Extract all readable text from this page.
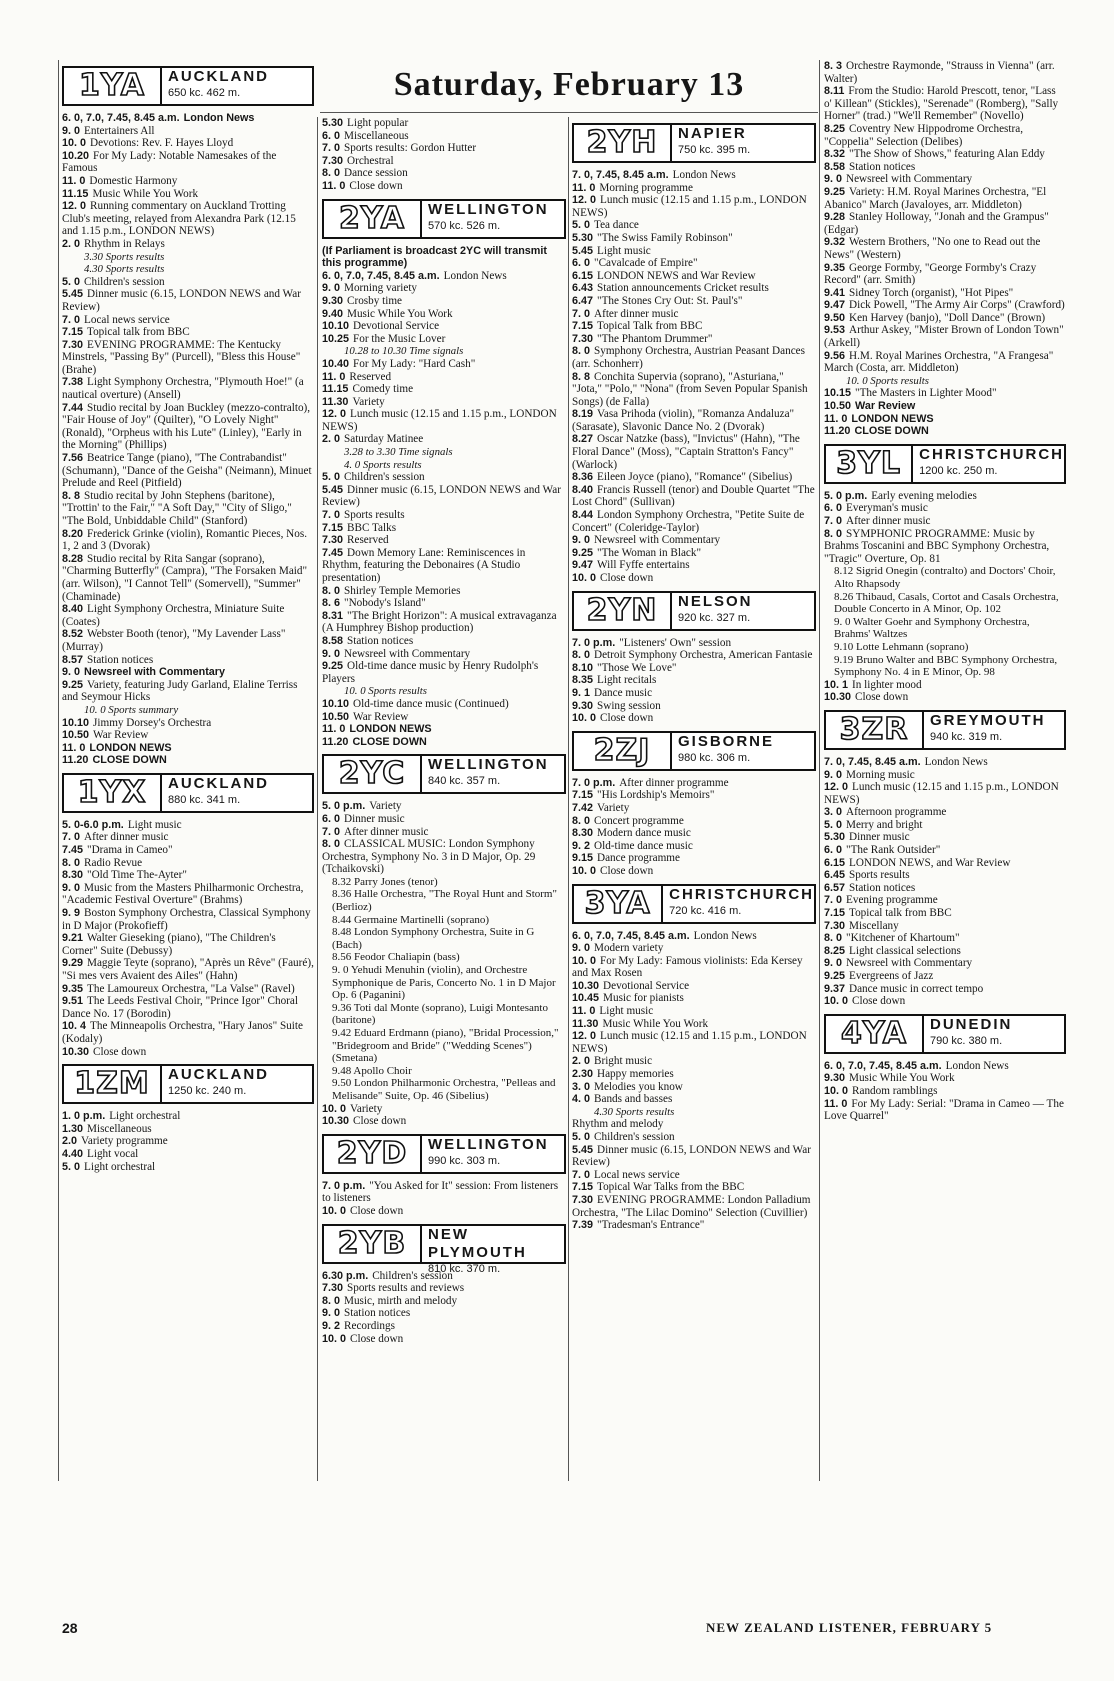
Saturday, February 13
1YA	AUCKLAND
650 kc. 462 m.
6. 0, 7.0, 7.45, 8.45 a.m. London News
9. 0 Entertainers All
10. 0 Devotions: Rev. F. Hayes Lloyd
10.20 For My Lady: Notable Namesakes of the Famous
11. 0 Domestic Harmony
11.15 Music While You Work
12. 0 Running commentary on Auckland Trotting Club's meeting, relayed from Alexandra Park (12.15 and 1.15 p.m., LONDON NEWS)
2. 0 Rhythm in Relays
3.30 Sports results
4.30 Sports results
5. 0 Children's session
5.45 Dinner music (6.15, LONDON NEWS and War Review)
7. 0 Local news service
7.15 Topical talk from BBC
7.30 EVENING PROGRAMME: The Kentucky Minstrels, "Passing By" (Purcell), "Bless this House" (Brahe)
7.38 Light Symphony Orchestra, "Plymouth Hoe!" (a nautical overture) (Ansell)
7.44 Studio recital by Joan Buckley (mezzo-contralto), "Fair House of Joy" (Quilter), "O Lovely Night" (Ronald), "Orpheus with his Lute" (Linley), "Early in the Morning" (Phillips)
7.56 Beatrice Tange (piano), "The Contrabandist" (Schumann), "Dance of the Geisha" (Neimann), Minuet Prelude and Reel (Pitfield)
8. 8 Studio recital by John Stephens (baritone), "Trottin' to the Fair," "A Soft Day," "City of Sligo," "The Bold, Unbiddable Child" (Stanford)
8.20 Frederick Grinke (violin), Romantic Pieces, Nos. 1, 2 and 3 (Dvorak)
8.28 Studio recital by Rita Sangar (soprano), "Charming Butterfly" (Campra), "The Forsaken Maid" (arr. Wilson), "I Cannot Tell" (Somervell), "Summer" (Chaminade)
8.40 Light Symphony Orchestra, Miniature Suite (Coates)
8.52 Webster Booth (tenor), "My Lavender Lass" (Murray)
8.57 Station notices
9. 0 Newsreel with Commentary
9.25 Variety, featuring Judy Garland, Elaline Terriss and Seymour Hicks
10. 0 Sports summary
10.10 Jimmy Dorsey's Orchestra
10.50 War Review
11. 0 LONDON NEWS
11.20 CLOSE DOWN
1YX	AUCKLAND
880 kc. 341 m.
5. 0-6.0 p.m. Light music
7. 0 After dinner music
7.45 "Drama in Cameo"
8. 0 Radio Revue
8.30 "Old Time The-Ayter"
9. 0 Music from the Masters Philharmonic Orchestra, "Academic Festival Overture" (Brahms)
9. 9 Boston Symphony Orchestra, Classical Symphony in D Major (Prokofieff)
9.21 Walter Gieseking (piano), "The Children's Corner" Suite (Debussy)
9.29 Maggie Teyte (soprano), "Après un Rêve" (Fauré), "Si mes vers Avaient des Ailes" (Hahn)
9.35 The Lamoureux Orchestra, "La Valse" (Ravel)
9.51 The Leeds Festival Choir, "Prince Igor" Choral Dance No. 17 (Borodin)
10. 4 The Minneapolis Orchestra, "Hary Janos" Suite (Kodaly)
10.30 Close down
1ZM	AUCKLAND
1250 kc. 240 m.
1. 0 p.m. Light orchestral
1.30 Miscellaneous
2.0 Variety programme
4.40 Light vocal
5. 0 Light orchestral
5.30 Light popular
6. 0 Miscellaneous
7. 0 Sports results: Gordon Hutter
7.30 Orchestral
8. 0 Dance session
11. 0 Close down
2YA	WELLINGTON
570 kc. 526 m.
(If Parliament is broadcast 2YC will transmit this programme)
6. 0, 7.0, 7.45, 8.45 a.m. London News
9. 0 Morning variety
9.30 Crosby time
9.40 Music While You Work
10.10 Devotional Service
10.25 For the Music Lover
10.28 to 10.30 Time signals
10.40 For My Lady: "Hard Cash"
11. 0 Reserved
11.15 Comedy time
11.30 Variety
12. 0 Lunch music (12.15 and 1.15 p.m., LONDON NEWS)
2. 0 Saturday Matinee
3.28 to 3.30 Time signals
4. 0 Sports results
5. 0 Children's session
5.45 Dinner music (6.15, LONDON NEWS and War Review)
7. 0 Sports results
7.15 BBC Talks
7.30 Reserved
7.45 Down Memory Lane: Reminiscences in Rhythm, featuring the Debonaires (A Studio presentation)
8. 0 Shirley Temple Memories
8. 6 "Nobody's Island"
8.31 "The Bright Horizon": A musical extravaganza (A Humphrey Bishop production)
8.58 Station notices
9. 0 Newsreel with Commentary
9.25 Old-time dance music by Henry Rudolph's Players
10. 0 Sports results
10.10 Old-time dance music (Continued)
10.50 War Review
11. 0 LONDON NEWS
11.20 CLOSE DOWN
2YC	WELLINGTON
840 kc. 357 m.
5. 0 p.m. Variety
6. 0 Dinner music
7. 0 After dinner music
8. 0 CLASSICAL MUSIC: London Symphony Orchestra, Symphony No. 3 in D Major, Op. 29 (Tchaikovski)
8.32 Parry Jones (tenor)
8.36 Halle Orchestra, "The Royal Hunt and Storm" (Berlioz)
8.44 Germaine Martinelli (soprano)
8.48 London Symphony Orchestra, Suite in G (Bach)
8.56 Feodor Chaliapin (bass)
9. 0 Yehudi Menuhin (violin), and Orchestre Symphonique de Paris, Concerto No. 1 in D Major Op. 6 (Paganini)
9.36 Toti dal Monte (soprano), Luigi Montesanto (baritone)
9.42 Eduard Erdmann (piano), "Bridal Procession," "Bridegroom and Bride" ("Wedding Scenes") (Smetana)
9.48 Apollo Choir
9.50 London Philharmonic Orchestra, "Pelleas and Melisande" Suite, Op. 46 (Sibelius)
10. 0 Variety
10.30 Close down
2YD	WELLINGTON
990 kc. 303 m.
7. 0 p.m. "You Asked for It" session: From listeners to listeners
10. 0 Close down
2YB	NEW PLYMOUTH
810 kc. 370 m.
6.30 p.m. Children's session
7.30 Sports results and reviews
8. 0 Music, mirth and melody
9. 0 Station notices
9. 2 Recordings
10. 0 Close down
2YH	NAPIER
750 kc. 395 m.
7. 0, 7.45, 8.45 a.m. London News
11. 0 Morning programme
12. 0 Lunch music (12.15 and 1.15 p.m., LONDON NEWS)
5. 0 Tea dance
5.30 "The Swiss Family Robinson"
5.45 Light music
6. 0 "Cavalcade of Empire"
6.15 LONDON NEWS and War Review
6.43 Station announcements Cricket results
6.47 "The Stones Cry Out: St. Paul's"
7. 0 After dinner music
7.15 Topical Talk from BBC
7.30 "The Phantom Drummer"
8. 0 Symphony Orchestra, Austrian Peasant Dances (arr. Schonherr)
8. 8 Conchita Supervia (soprano), "Asturiana," "Jota," "Polo," "Nona" (from Seven Popular Spanish Songs) (de Falla)
8.19 Vasa Prihoda (violin), "Romanza Andaluza" (Sarasate), Slavonic Dance No. 2 (Dvorak)
8.27 Oscar Natzke (bass), "Invictus" (Hahn), "The Floral Dance" (Moss), "Captain Stratton's Fancy" (Warlock)
8.36 Eileen Joyce (piano), "Romance" (Sibelius)
8.40 Francis Russell (tenor) and Double Quartet "The Lost Chord" (Sullivan)
8.44 London Symphony Orchestra, "Petite Suite de Concert" (Coleridge-Taylor)
9. 0 Newsreel with Commentary
9.25 "The Woman in Black"
9.47 Will Fyffe entertains
10. 0 Close down
2YN	NELSON
920 kc. 327 m.
7. 0 p.m. "Listeners' Own" session
8. 0 Detroit Symphony Orchestra, American Fantasie
8.10 "Those We Love"
8.35 Light recitals
9. 1 Dance music
9.30 Swing session
10. 0 Close down
2ZJ	GISBORNE
980 kc. 306 m.
7. 0 p.m. After dinner programme
7.15 "His Lordship's Memoirs"
7.42 Variety
8. 0 Concert programme
8.30 Modern dance music
9. 2 Old-time dance music
9.15 Dance programme
10. 0 Close down
3YA	CHRISTCHURCH
720 kc. 416 m.
6. 0, 7.0, 7.45, 8.45 a.m. London News
9. 0 Modern variety
10. 0 For My Lady: Famous violinists: Eda Kersey and Max Rosen
10.30 Devotional Service
10.45 Music for pianists
11. 0 Light music
11.30 Music While You Work
12. 0 Lunch music (12.15 and 1.15 p.m., LONDON NEWS)
2. 0 Bright music
2.30 Happy memories
3. 0 Melodies you know
4. 0 Bands and basses
4.30 Sports results
Rhythm and melody
5. 0 Children's session
5.45 Dinner music (6.15, LONDON NEWS and War Review)
7. 0 Local news service
7.15 Topical War Talks from the BBC
7.30 EVENING PROGRAMME: London Palladium Orchestra, "The Lilac Domino" Selection (Cuvillier)
7.39 "Tradesman's Entrance"
8. 3 Orchestre Raymonde, "Strauss in Vienna" (arr. Walter)
8.11 From the Studio: Harold Prescott, tenor, "Lass o' Killean" (Stickles), "Serenade" (Romberg), "Sally Horner" (trad.) "We'll Remember" (Novello)
8.25 Coventry New Hippodrome Orchestra, "Coppelia" Selection (Delibes)
8.32 "The Show of Shows," featuring Alan Eddy
8.58 Station notices
9. 0 Newsreel with Commentary
9.25 Variety: H.M. Royal Marines Orchestra, "El Abanico" March (Javaloyes, arr. Middleton)
9.28 Stanley Holloway, "Jonah and the Grampus" (Edgar)
9.32 Western Brothers, "No one to Read out the News" (Western)
9.35 George Formby, "George Formby's Crazy Record" (arr. Smith)
9.41 Sidney Torch (organist), "Hot Pipes"
9.47 Dick Powell, "The Army Air Corps" (Crawford)
9.50 Ken Harvey (banjo), "Doll Dance" (Brown)
9.53 Arthur Askey, "Mister Brown of London Town" (Arkell)
9.56 H.M. Royal Marines Orchestra, "A Frangesa" March (Costa, arr. Middleton)
10. 0 Sports results
10.15 "The Masters in Lighter Mood"
10.50 War Review
11. 0 LONDON NEWS
11.20 CLOSE DOWN
3YL	CHRISTCHURCH
1200 kc. 250 m.
5. 0 p.m. Early evening melodies
6. 0 Everyman's music
7. 0 After dinner music
8. 0 SYMPHONIC PROGRAMME: Music by Brahms Toscanini and BBC Symphony Orchestra, "Tragic" Overture, Op. 81
8.12 Sigrid Onegin (contralto) and Doctors' Choir, Alto Rhapsody
8.26 Thibaud, Casals, Cortot and Casals Orchestra, Double Concerto in A Minor, Op. 102
9. 0 Walter Goehr and Symphony Orchestra, Brahms' Waltzes
9.10 Lotte Lehmann (soprano)
9.19 Bruno Walter and BBC Symphony Orchestra, Symphony No. 4 in E Minor, Op. 98
10. 1 In lighter mood
10.30 Close down
3ZR	GREYMOUTH
940 kc. 319 m.
7. 0, 7.45, 8.45 a.m. London News
9. 0 Morning music
12. 0 Lunch music (12.15 and 1.15 p.m., LONDON NEWS)
3. 0 Afternoon programme
5. 0 Merry and bright
5.30 Dinner music
6. 0 "The Rank Outsider"
6.15 LONDON NEWS, and War Review
6.45 Sports results
6.57 Station notices
7. 0 Evening programme
7.15 Topical talk from BBC
7.30 Miscellany
8. 0 "Kitchener of Khartoum"
8.25 Light classical selections
9. 0 Newsreel with Commentary
9.25 Evergreens of Jazz
9.37 Dance music in correct tempo
10. 0 Close down
4YA	DUNEDIN
790 kc. 380 m.
6. 0, 7.0, 7.45, 8.45 a.m. London News
9.30 Music While You Work
10. 0 Random ramblings
11. 0 For My Lady: Serial: "Drama in Cameo — The Love Quarrel"
28	NEW ZEALAND LISTENER, FEBRUARY 5
